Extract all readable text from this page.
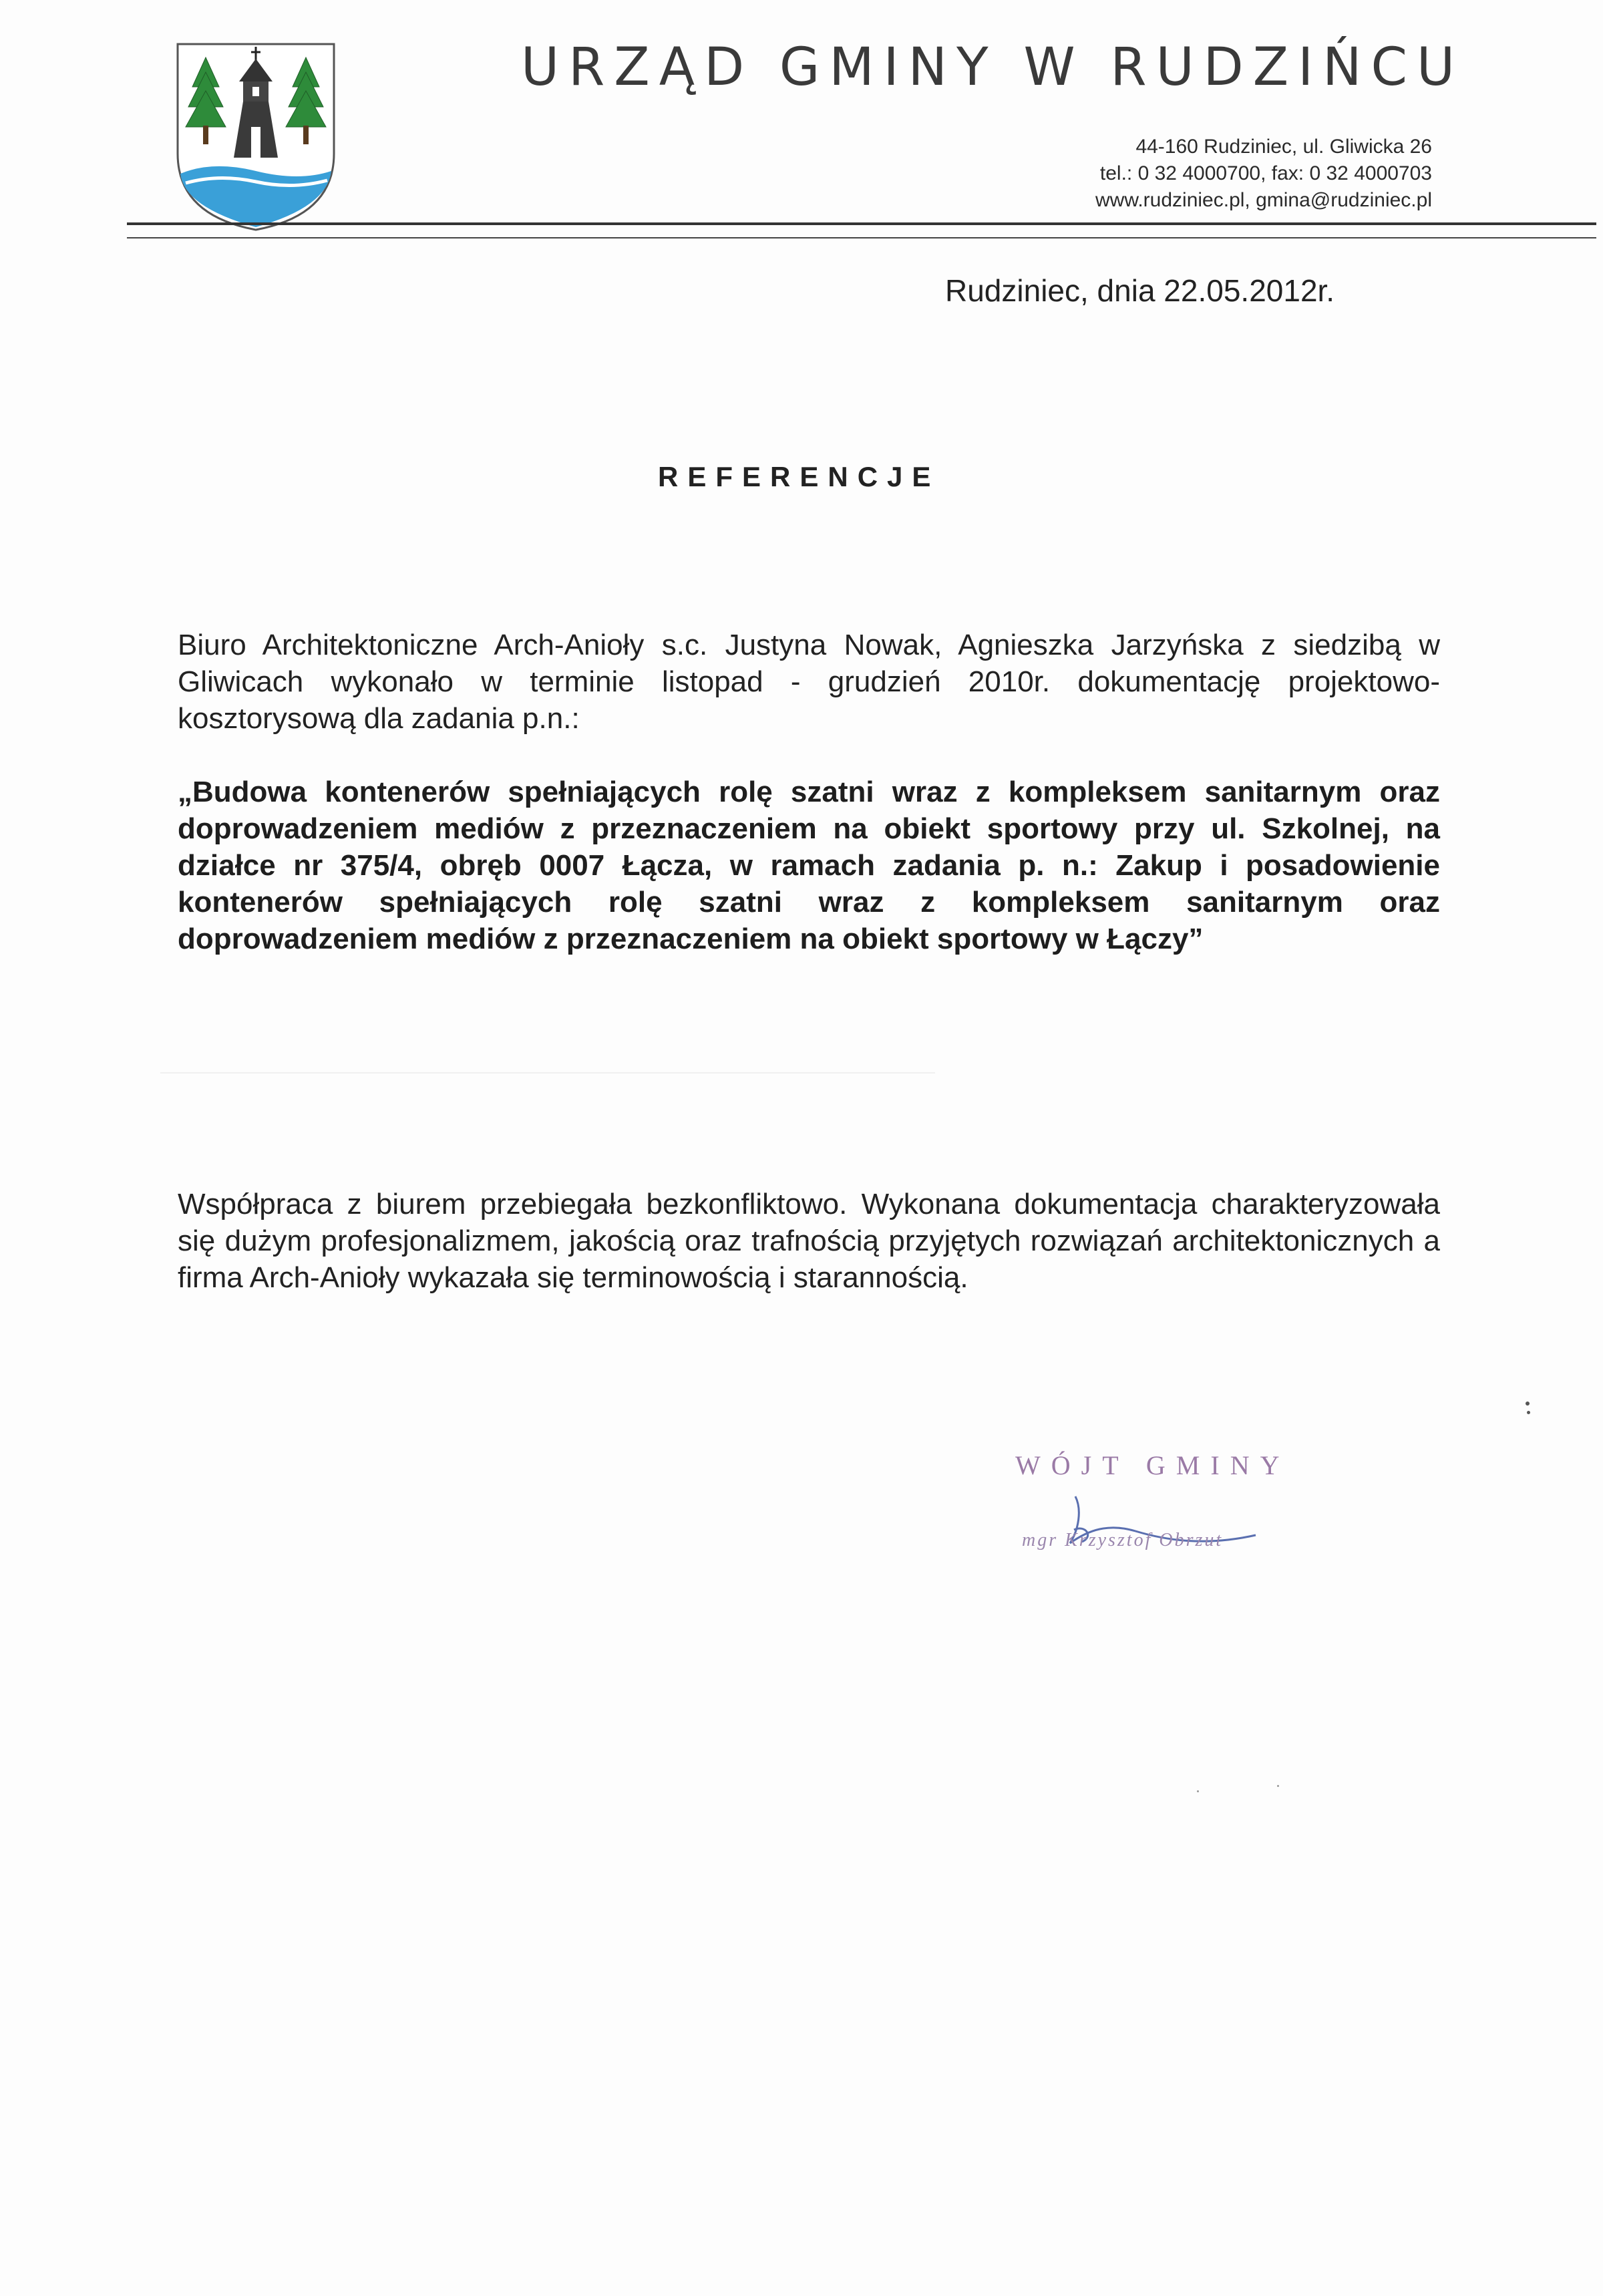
URZĄD GMINY W RUDZIŃCU
44-160 Rudziniec, ul. Gliwicka 26
tel.: 0 32 4000700, fax: 0 32 4000703
www.rudziniec.pl, gmina@rudziniec.pl
Rudziniec, dnia 22.05.2012r.
REFERENCJE
Biuro Architektoniczne Arch-Anioły s.c. Justyna Nowak, Agnieszka Jarzyńska z siedzibą w Gliwicach wykonało w terminie listopad - grudzień 2010r. dokumentację projektowo-kosztorysową dla zadania p.n.:
„Budowa kontenerów spełniających rolę szatni wraz z kompleksem sanitarnym oraz doprowadzeniem mediów z przeznaczeniem na obiekt sportowy przy ul. Szkolnej, na działce nr 375/4, obręb 0007 Łącza, w ramach zadania p. n.: Zakup i posadowienie kontenerów spełniających rolę szatni wraz z kompleksem sanitarnym oraz doprowadzeniem mediów z przeznaczeniem na obiekt sportowy w Łączy”
Współpraca z biurem przebiegała bezkonfliktowo. Wykonana dokumentacja charakteryzowała się dużym profesjonalizmem, jakością oraz trafnością przyjętych rozwiązań architektonicznych a firma Arch-Anioły wykazała się terminowością i starannością.
WÓJT GMINY
mgr Krzysztof Obrzut
